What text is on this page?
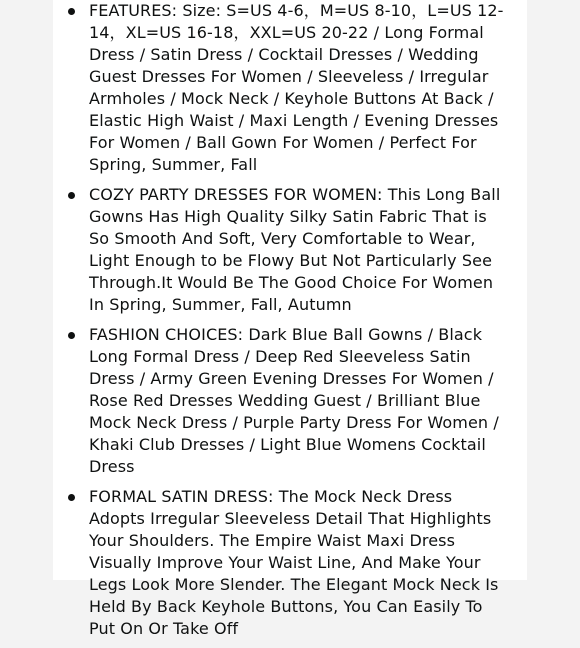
FEATURES: Size: S=US 4-6，M=US 8-10，L=US 12-14，XL=US 16-18，XXL=US 20-22 / Long Formal Dress / Satin Dress / Cocktail Dresses / Wedding Guest Dresses For Women / Sleeveless / Irregular Armholes / Mock Neck / Keyhole Buttons At Back / Elastic High Waist / Maxi Length / Evening Dresses For Women / Ball Gown For Women / Perfect For Spring, Summer, Fall
COZY PARTY DRESSES FOR WOMEN: This Long Ball Gowns Has High Quality Silky Satin Fabric That is So Smooth And Soft, Very Comfortable to Wear, Light Enough to be Flowy But Not Particularly See Through.It Would Be The Good Choice For Women In Spring, Summer, Fall, Autumn
FASHION CHOICES: Dark Blue Ball Gowns / Black Long Formal Dress / Deep Red Sleeveless Satin Dress / Army Green Evening Dresses For Women / Rose Red Dresses Wedding Guest / Brilliant Blue Mock Neck Dress / Purple Party Dress For Women / Khaki Club Dresses / Light Blue Womens Cocktail Dress
FORMAL SATIN DRESS: The Mock Neck Dress Adopts Irregular Sleeveless Detail That Highlights Your Shoulders. The Empire Waist Maxi Dress Visually Improve Your Waist Line, And Make Your Legs Look More Slender. The Elegant Mock Neck Is Held By Back Keyhole Buttons, You Can Easily To Put On Or Take Off
